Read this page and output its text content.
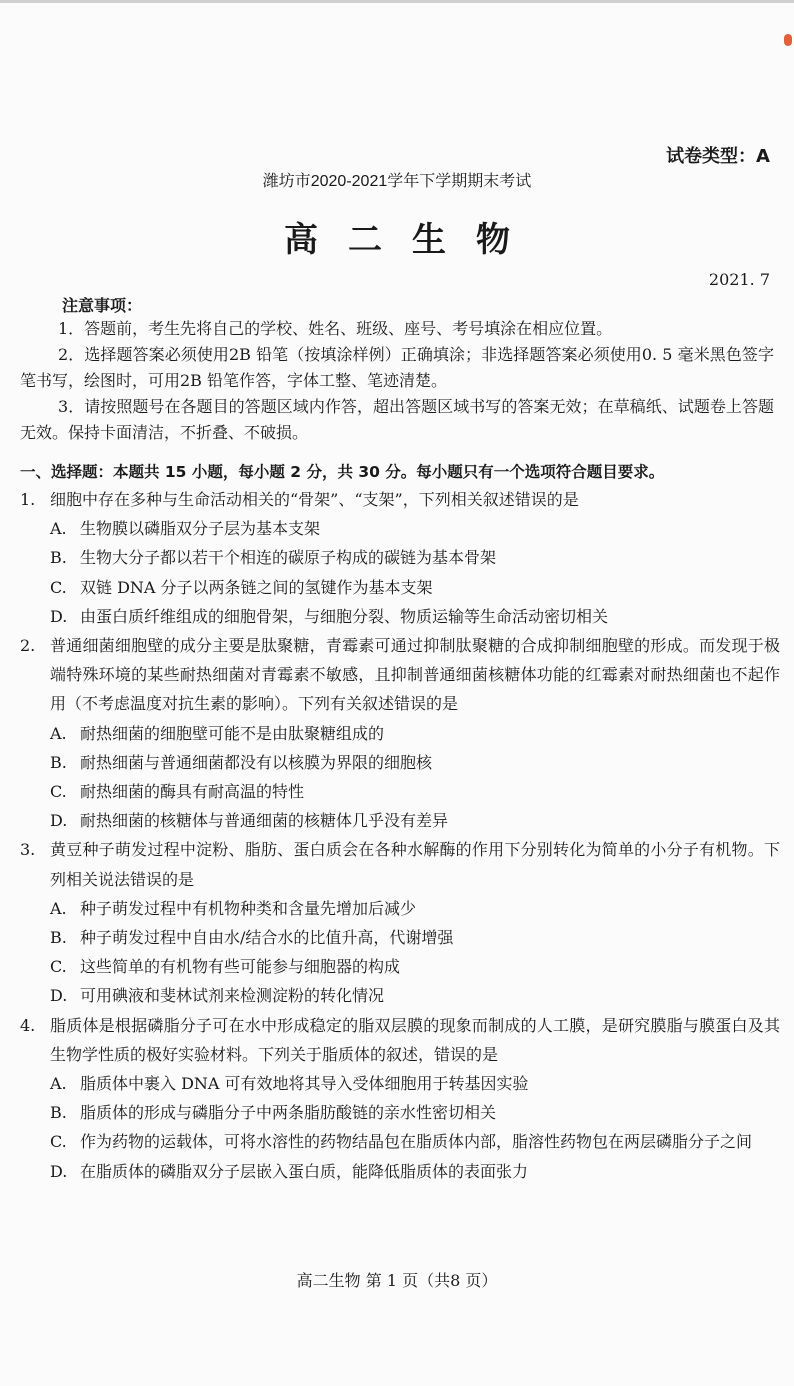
试卷类型：A
潍坊市2020-2021学年下学期期末考试
高二生物
2021. 7
注意事项：

1．答题前，考生先将自己的学校、姓名、班级、座号、考号填涂在相应位置。

2．选择题答案必须使用2B 铅笔（按填涂样例）正确填涂；非选择题答案必须使用0. 5 毫米黑色签字笔书写，绘图时，可用2B 铅笔作答，字体工整、笔迹清楚。

3．请按照题号在各题目的答题区域内作答，超出答题区域书写的答案无效；在草稿纸、试题卷上答题无效。保持卡面清洁，不折叠、不破损。

一、选择题：本题共 15 小题，每小题 2 分，共 30 分。每小题只有一个选项符合题目要求。
1. 细胞中存在多种与生命活动相关的“骨架”、“支架”，下列相关叙述错误的是
A. 生物膜以磷脂双分子层为基本支架
B. 生物大分子都以若干个相连的碳原子构成的碳链为基本骨架
C. 双链 DNA 分子以两条链之间的氢键作为基本支架
D. 由蛋白质纤维组成的细胞骨架，与细胞分裂、物质运输等生命活动密切相关
2. 普通细菌细胞壁的成分主要是肽聚糖，青霉素可通过抑制肽聚糖的合成抑制细胞壁的形成。而发现于极端特殊环境的某些耐热细菌对青霉素不敏感，且抑制普通细菌核糖体功能的红霉素对耐热细菌也不起作用（不考虑温度对抗生素的影响）。下列有关叙述错误的是
A. 耐热细菌的细胞壁可能不是由肽聚糖组成的
B. 耐热细菌与普通细菌都没有以核膜为界限的细胞核
C. 耐热细菌的酶具有耐高温的特性
D. 耐热细菌的核糖体与普通细菌的核糖体几乎没有差异
3. 黄豆种子萌发过程中淀粉、脂肪、蛋白质会在各种水解酶的作用下分别转化为简单的小分子有机物。下列相关说法错误的是
A. 种子萌发过程中有机物种类和含量先增加后减少
B. 种子萌发过程中自由水/结合水的比值升高，代谢增强
C. 这些简单的有机物有些可能参与细胞器的构成
D. 可用碘液和斐林试剂来检测淀粉的转化情况
4. 脂质体是根据磷脂分子可在水中形成稳定的脂双层膜的现象而制成的人工膜，是研究膜脂与膜蛋白及其生物学性质的极好实验材料。下列关于脂质体的叙述，错误的是
A. 脂质体中裹入 DNA 可有效地将其导入受体细胞用于转基因实验
B. 脂质体的形成与磷脂分子中两条脂肪酸链的亲水性密切相关
C. 作为药物的运载体，可将水溶性的药物结晶包在脂质体内部，脂溶性药物包在两层磷脂分子之间
D. 在脂质体的磷脂双分子层嵌入蛋白质，能降低脂质体的表面张力
高二生物 第 1 页（共8 页）
